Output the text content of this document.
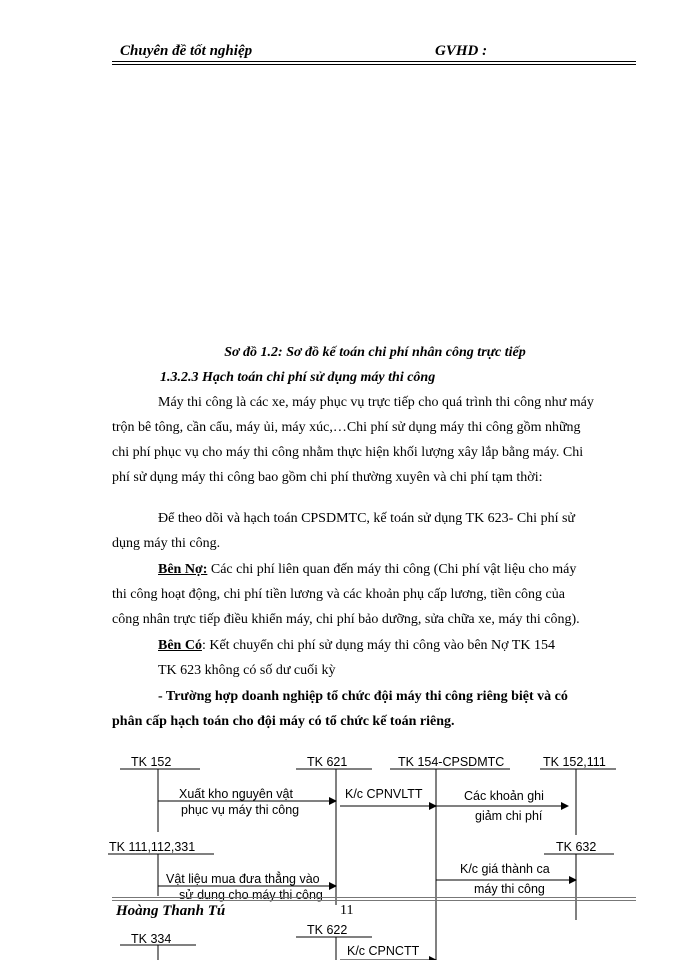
Chuyên đề tốt nghiệp	GVHD :
Sơ đồ 1.2: Sơ đồ kế toán chi phí nhân công trực tiếp
1.3.2.3 Hạch toán chi phí sử dụng máy thi công
Máy thi công là các xe, máy phục vụ trực tiếp cho quá trình thi công như máy
trộn bê tông, cần cẩu, máy ủi, máy xúc,…Chi phí sử dụng máy thi công gồm những
chi phí phục vụ cho máy thi công nhằm thực hiện khối lượng xây lắp bằng máy. Chi
phí sử dụng máy thi công bao gồm chi phí thường xuyên và chi phí tạm thời:
Để theo dõi và hạch toán CPSDMTC, kế toán sử dụng TK 623- Chi phí sử
dụng máy thi công.
Bên Nợ: Các chi phí liên quan đến máy thi công (Chi phí vật liệu cho máy
thi công hoạt động, chi phí tiền lương và các khoản phụ cấp lương, tiền công của
công nhân trực tiếp điều khiển máy, chi phí bảo dưỡng, sửa chữa xe, máy thi công).
Bên Có: Kết chuyển chi phí sử dụng máy thi công vào bên Nợ TK 154
TK 623 không có số dư cuối kỳ
- Trường hợp doanh nghiệp tổ chức đội máy thi công riêng biệt và có
phân cấp hạch toán cho đội máy có tổ chức kế toán riêng.
TK 152	TK 621	TK 154-CPSDMTC	TK 152,111
TK 111,112,331	TK 632
TK 334
TK 622
Xuất kho nguyên vật
phục vụ máy thi công
K/c CPNVLTT	Các khoản ghi
giảm chi phí
Vật liệu mua đưa thẳng vào
sử dụng cho máy thi công
K/c giá thành ca
máy thi công
K/c CPNCTT
Hoàng Thanh Tú	11
